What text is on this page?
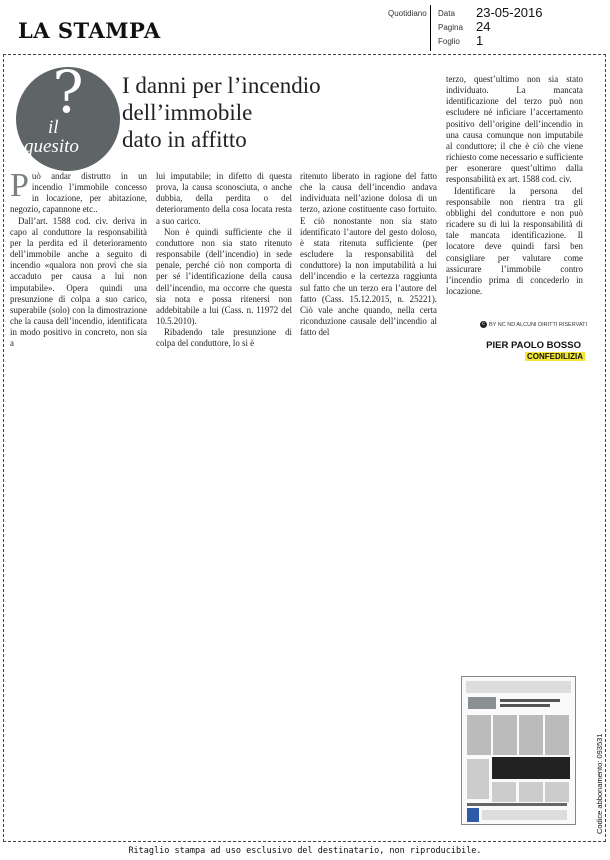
LA STAMPA
Quotidiano Data 23-05-2016
Pagina 24
Foglio 1
?
il
quesito
I danni per l’incendio
dell’immobile
dato in affitto
P uò andar distrutto in un incendio l’immobile concesso in locazione, per abitazione, negozio, capannone etc..

Dall’art. 1588 cod. civ. deriva in capo al conduttore la responsabilità per la perdita ed il deterioramento dell’immobile anche a seguito di incendio «qualora non provi che sia accaduto per causa a lui non imputabile». Opera quindi una presunzione di colpa a suo carico, superabile (solo) con la dimostrazione che la causa dell’incendio, identificata in modo positivo in concreto, non sia a

lui imputabile; in difetto di questa prova, la causa sconosciuta, o anche dubbia, della perdita o del deterioramento della cosa locata resta a suo carico.

Non è quindi sufficiente che il conduttore non sia stato ritenuto responsabile (dell’incendio) in sede penale, perché ciò non comporta di per sé l’identificazione della causa dell’incendio, ma occorre che questa sia nota e possa ritenersi non addebitabile a lui (Cass. n. 11972 del 10.5.2010).

Ribadendo tale presunzione di colpa del conduttore, lo si è

ritenuto liberato in ragione del fatto che la causa dell’incendio andava individuata nell’azione dolosa di un terzo, azione costituente caso fortuito. E ciò nonostante non sia stato identificato l’autore del gesto doloso, è stata ritenuta sufficiente (per escludere la responsabilità del conduttore) la non imputabilità a lui dell’incendio e la certezza raggiunta sul fatto che un terzo era l’autore del fatto (Cass. 15.12.2015, n. 25221). Ciò vale anche quando, nella certa riconduzione causale dell’incendio al fatto del

terzo, quest’ultimo non sia stato individuato. La mancata identificazione del terzo può non escludere né inficiare l’accertamento positivo dell’origine dell’incendio in una causa comunque non imputabile al conduttore; il che è ciò che viene richiesto come necessario e sufficiente per esonerare quest’ultimo dalla responsabilità ex art. 1588 cod. civ.

Identificare la persona del responsabile non rientra tra gli obblighi del conduttore e non può ricadere su di lui la responsabilità di tale mancata identificazione. Il locatore deve quindi farsi ben consigliare per valutare come assicurare l’immobile contro l’incendio prima di concederlo in locazione.

c BY NC ND ALCUNI DIRITTI RISERVATI
PIER PAOLO BOSSO
CONFEDILIZIA
Codice abbonamento: 093531
Ritaglio stampa ad uso esclusivo del destinatario, non riproducibile.
